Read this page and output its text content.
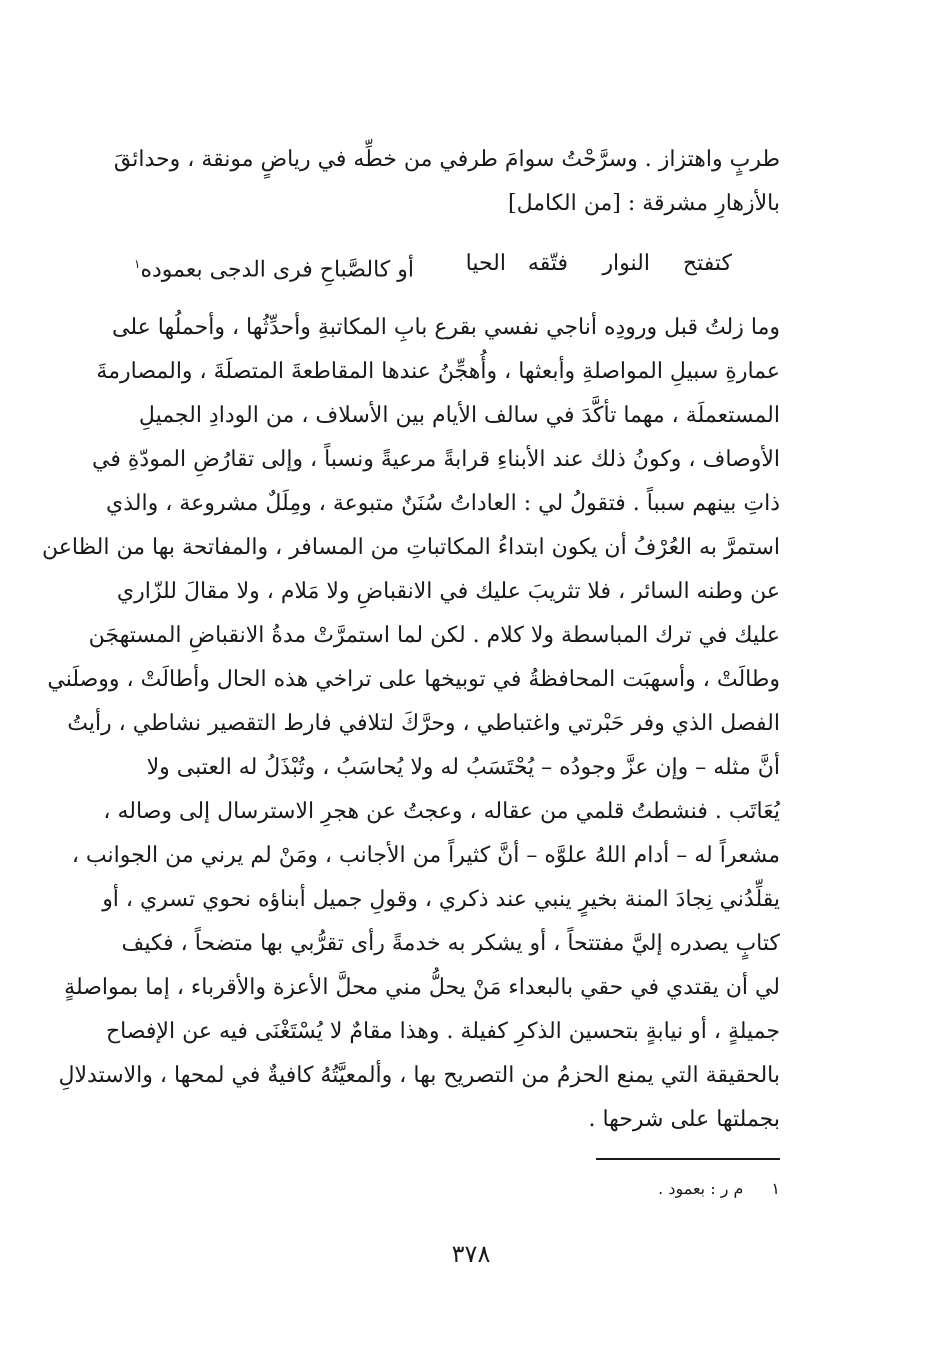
طربٍ واهتزاز . وسرَّحْتُ سوامَ طرفي من خطِّه في رياضٍ مونقة ، وحدائقَ
بالأزهارِ مشرقة : [من الكامل]
كتفتح
النوار
فتّقه
الحيا
أو كالصَّباحِ فرى الدجى بعموده$^١$
وما زلتُ قبل ورودِه أناجي نفسي بقرع بابِ المكاتبةِ وأحدِّثُها ، وأحملُها على
عمارةِ سبيلِ المواصلةِ وأبعثها ، وأُهجِّنُ عندها المقاطعةَ المتصلَةَ ، والمصارمةَ
المستعملَة ، مهما تأكَّدَ في سالف الأيام بين الأسلاف ، من الودادِ الجميلِ
الأوصاف ، وكونُ ذلك عند الأبناءِ قرابةً مرعيةً ونسباً ، وإلى تقارُضِ المودّةِ في
ذاتِ بينهم سبباً . فتقولُ لي : العاداتُ سُنَنٌ متبوعة ، ومِلَلٌ مشروعة ، والذي
استمرَّ به العُرْفُ أن يكون ابتداءُ المكاتباتِ من المسافر ، والمفاتحة بها من الظاعن
عن وطنه السائر ، فلا تثريبَ عليك في الانقباضِ ولا مَلام ، ولا مقالَ للزّاري
عليك في ترك المباسطة ولا كلام . لكن لما استمرَّتْ مدةُ الانقباضِ المستهجَن
وطالَتْ ، وأسهبَت المحافظةُ في توبيخها على تراخي هذه الحال وأطالَتْ ، ووصلَني
الفصل الذي وفر حَبْرتي واغتباطي ، وحرَّكَ لتلافي فارط التقصير نشاطي ، رأيتُ
أنَّ مثله – وإن عزَّ وجودُه – يُحْتَسَبُ له ولا يُحاسَبُ ، وتُبْذَلُ له العتبى ولا
يُعَاتَب . فنشطتُ قلمي من عقاله ، وعجتُ عن هجرِ الاسترسال إلى وصاله ،
مشعراً له – أدام اللهُ علوَّه – أنَّ كثيراً من الأجانب ، ومَنْ لم يرني من الجوانب ،
يقلِّدُني نِجادَ المنة بخيرٍ ينبي عند ذكري ، وقولِ جميل أبناؤه نحوي تسري ، أو
كتابٍ يصدره إليَّ مفتتحاً ، أو يشكر به خدمةً رأى تقرُّبي بها متضحاً ، فكيف
لي أن يقتدي في حقي بالبعداء مَنْ يحلُّ مني محلَّ الأعزة والأقرباء ، إما بمواصلةٍ
جميلةٍ ، أو نيابةٍ بتحسين الذكرِ كفيلة . وهذا مقامٌ لا يُسْتَغْنَى فيه عن الإفصاح
بالحقيقة التي يمنع الحزمُ من التصريح بها ، وألمعيَّتُهُ كافيةٌ في لمحها ، والاستدلالِ
بجملتها على شرحها .
١م ر : بعمود .
٣٧٨
